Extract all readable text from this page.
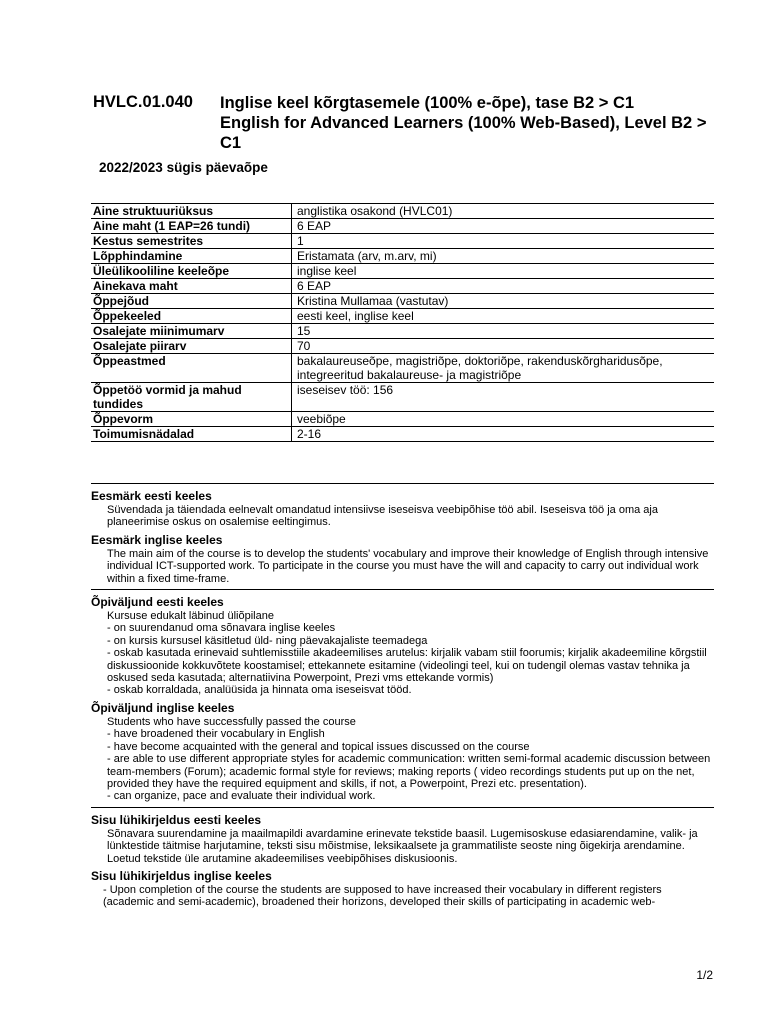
HVLC.01.040 Inglise keel kõrgtasemele (100% e-õpe), tase B2 > C1
English for Advanced Learners (100% Web-Based), Level B2 > C1
2022/2023 sügis päevaõpe
Aine struktuuriüksus	anglistika osakond (HVLC01)
Aine maht (1 EAP=26 tundi)	6 EAP
Kestus semestrites	1
Lõpphindamine	Eristamata (arv, m.arv, mi)
Üleülikooliline keeleõpe	inglise keel
Ainekava maht	6 EAP
Õppejõud	Kristina Mullamaa (vastutav)
Õppekeeled	eesti keel, inglise keel
Osalejate miinimumarv	15
Osalejate piirarv	70
Õppeastmed	bakalaureuseõpe, magistriõpe, doktoriõpe, rakenduskõrgharidusõpe, integreeritud bakalaureuse- ja magistriõpe
Õppetöö vormid ja mahud tundides	iseseisev töö: 156
Õppevorm	veebiõpe
Toimumisnädalad	2-16
Eesmärk eesti keeles
Süvendada ja täiendada eelnevalt omandatud intensiivse iseseisva veebipõhise töö abil. Iseseisva töö ja oma aja planeerimise oskus on osalemise eeltingimus.
Eesmärk inglise keeles
The main aim of the course is to develop the students' vocabulary and improve their knowledge of English through intensive individual ICT-supported work. To participate in the course you must have the will and capacity to carry out individual work within a fixed time-frame.
Õpiväljund eesti keeles
Kursuse edukalt läbinud üliõpilane
- on suurendanud oma sõnavara inglise keeles
- on kursis kursusel käsitletud üld- ning päevakajaliste teemadega
- oskab kasutada erinevaid suhtlemisstiile akadeemilises arutelus: kirjalik vabam stiil foorumis; kirjalik akadeemiline kõrgstiil diskussioonide kokkuvõtete koostamisel; ettekannete esitamine (videolingi teel, kui on tudengil olemas vastav tehnika ja oskused seda kasutada; alternatiivina Powerpoint, Prezi vms ettekande vormis)
- oskab korraldada, analüüsida ja hinnata oma iseseisvat tööd.
Õpiväljund inglise keeles
Students who have successfully passed the course
- have broadened their vocabulary in English
- have become acquainted with the general and topical issues discussed on the course
- are able to use different appropriate styles for academic communication: written semi-formal academic discussion between team-members (Forum); academic formal style for reviews; making reports ( video recordings students put up on the net, provided they have the required equipment and skills, if not, a Powerpoint, Prezi etc. presentation).
- can organize, pace and evaluate their individual work.
Sisu lühikirjeldus eesti keeles
Sõnavara suurendamine ja maailmapildi avardamine erinevate tekstide baasil. Lugemisoskuse edasiarendamine, valik- ja lünktestide täitmise harjutamine, teksti sisu mõistmise, leksikaalsete ja grammatiliste seoste ning õigekirja arendamine. Loetud tekstide üle arutamine akadeemilises veebipõhises diskusioonis.
Sisu lühikirjeldus inglise keeles
- Upon completion of the course the students are supposed to have increased their vocabulary in different registers (academic and semi-academic), broadened their horizons, developed their skills of participating in academic web-
1/2
